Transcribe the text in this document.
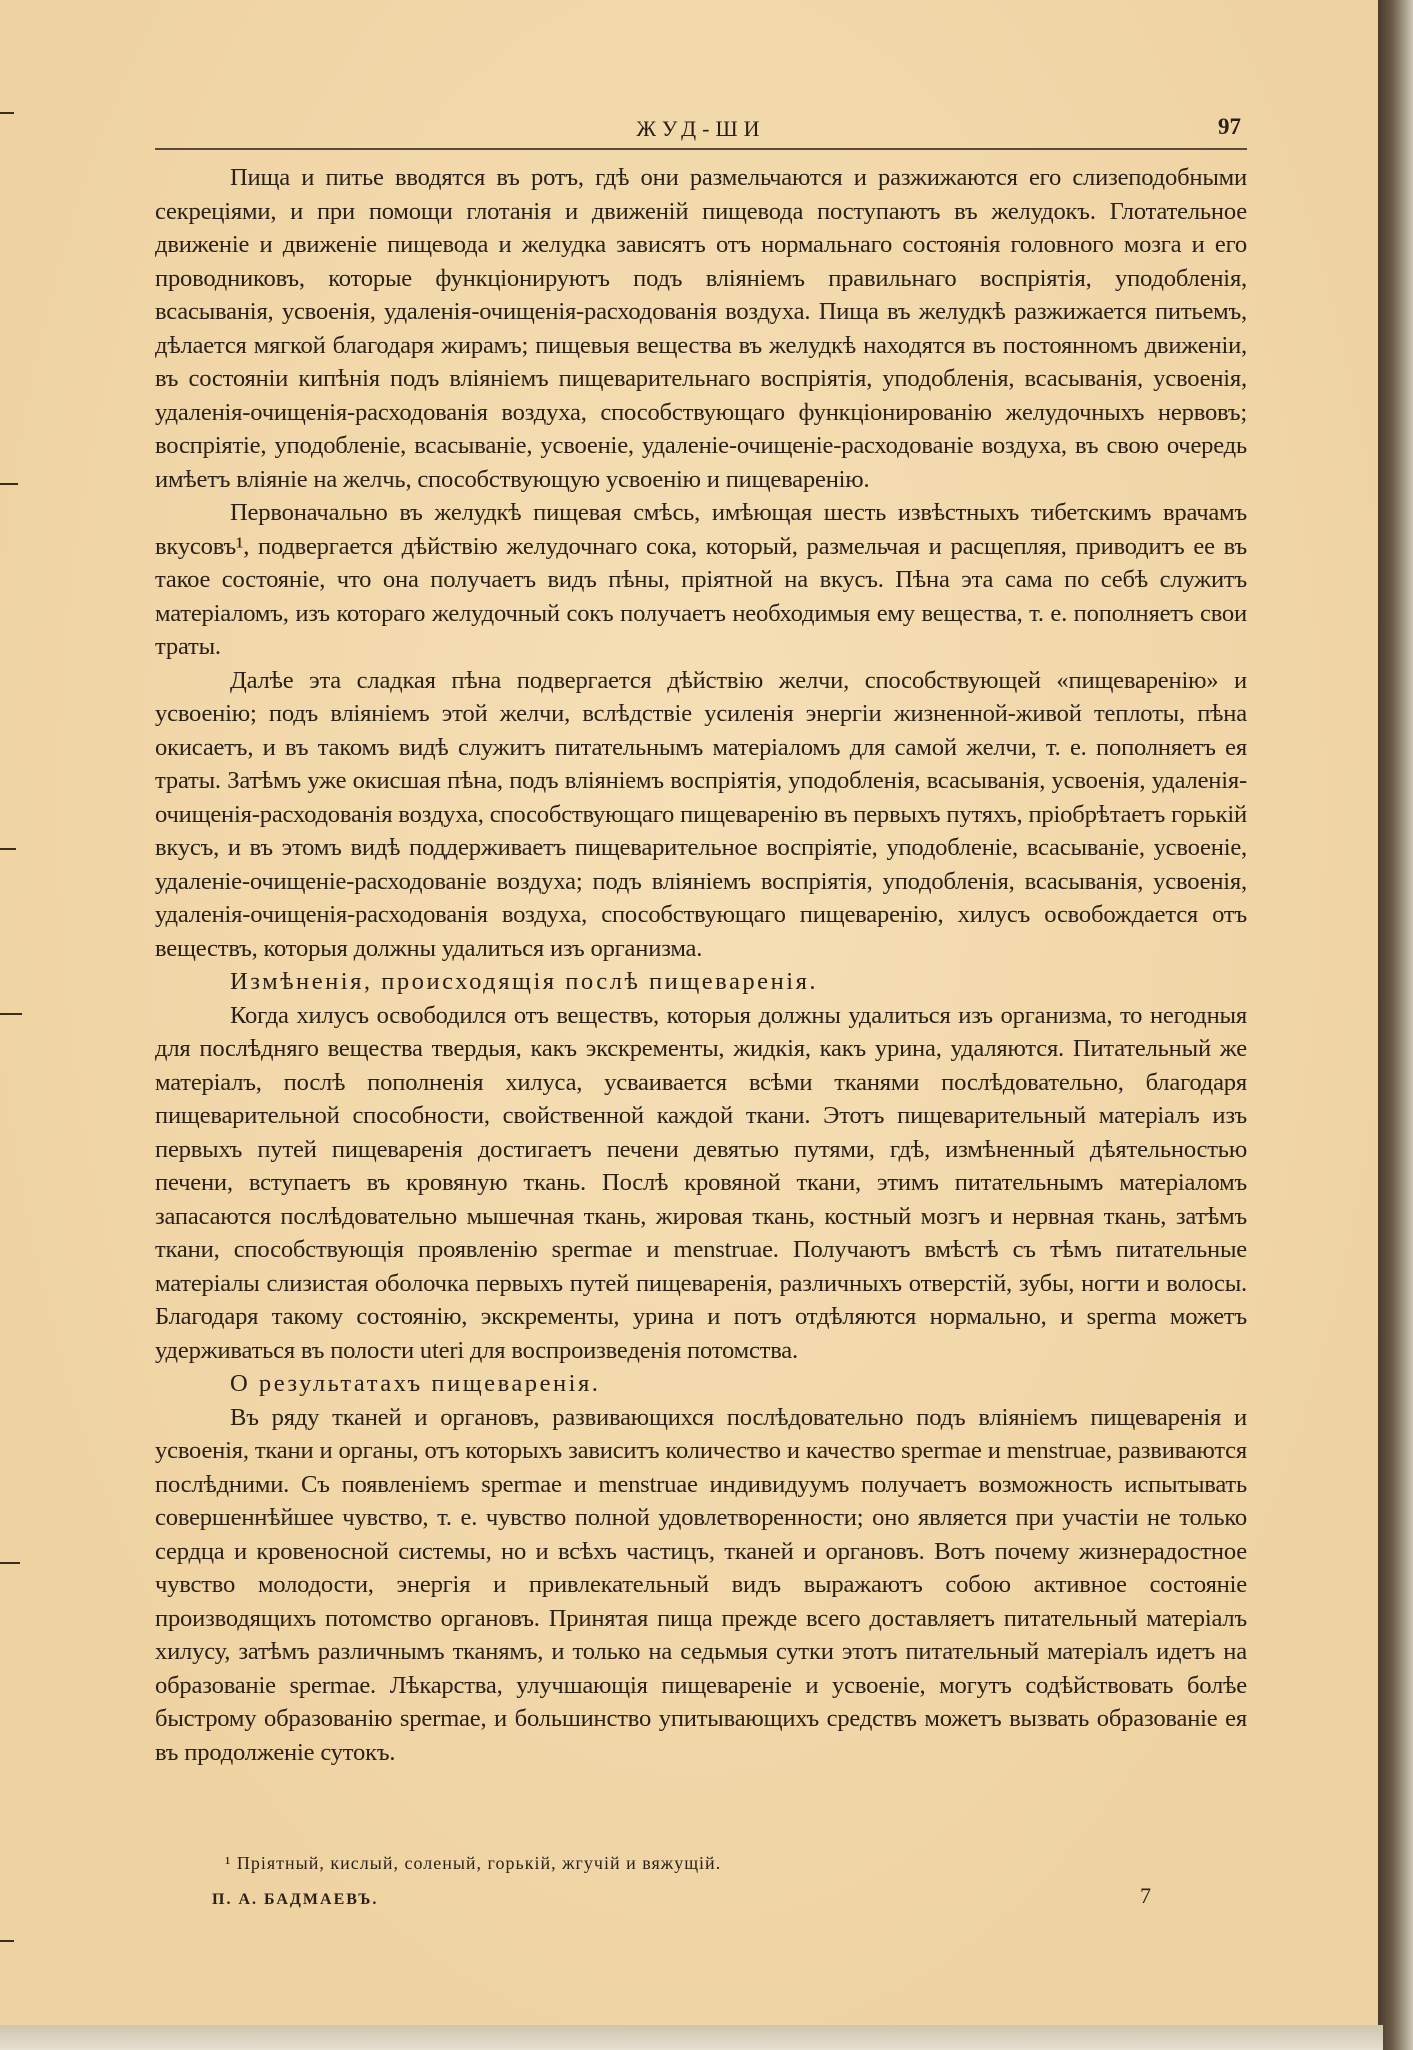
ЖУД-ШИ	97

Пища и питье вводятся въ ротъ, гдѣ они размельчаются и разжижаются его слизеподобными секреціями, и при помощи глотанія и движеній пищевода поступаютъ въ желудокъ. Глотательное движеніе и движеніе пищевода и желудка зависятъ отъ нормальнаго состоянія головного мозга и его проводниковъ, которые функціонируютъ подъ вліяніемъ правильнаго воспріятія, уподобленія, всасыванія, усвоенія, удаленія-очищенія-расходованія воздуха. Пища въ желудкѣ разжижается питьемъ, дѣлается мягкой благодаря жирамъ; пищевыя вещества въ желудкѣ находятся въ постоянномъ движеніи, въ состояніи кипѣнія подъ вліяніемъ пищеварительнаго воспріятія, уподобленія, всасыванія, усвоенія, удаленія-очищенія-расходованія воздуха, способствующаго функціонированію желудочныхъ нервовъ; воспріятіе, уподобленіе, всасываніе, усвоеніе, удаленіе-очищеніе-расходованіе воздуха, въ свою очередь имѣетъ вліяніе на желчь, способствующую усвоенію и пищеваренію.

Первоначально въ желудкѣ пищевая смѣсь, имѣющая шесть извѣстныхъ тибетскимъ врачамъ вкусовъ¹, подвергается дѣйствію желудочнаго сока, который, размельчая и расщепляя, приводитъ ее въ такое состояніе, что она получаетъ видъ пѣны, пріятной на вкусъ. Пѣна эта сама по себѣ служитъ матеріаломъ, изъ котораго желудочный сокъ получаетъ необходимыя ему вещества, т. е. пополняетъ свои траты.

Далѣе эта сладкая пѣна подвергается дѣйствію желчи, способствующей «пищеваренію» и усвоенію; подъ вліяніемъ этой желчи, вслѣдствіе усиленія энергіи жизненной-живой теплоты, пѣна окисаетъ, и въ такомъ видѣ служитъ питательнымъ матеріаломъ для самой желчи, т. е. пополняетъ ея траты. Затѣмъ уже окисшая пѣна, подъ вліяніемъ воспріятія, уподобленія, всасыванія, усвоенія, удаленія-очищенія-расходованія воздуха, способствующаго пищеваренію въ первыхъ путяхъ, пріобрѣтаетъ горькій вкусъ, и въ этомъ видѣ поддерживаетъ пищеварительное воспріятіе, уподобленіе, всасываніе, усвоеніе, удаленіе-очищеніе-расходованіе воздуха; подъ вліяніемъ воспріятія, уподобленія, всасыванія, усвоенія, удаленія-очищенія-расходованія воздуха, способствующаго пищеваренію, хилусъ освобождается отъ веществъ, которыя должны удалиться изъ организма.

Измѣненія, происходящія послѣ пищеваренія.

Когда хилусъ освободился отъ веществъ, которыя должны удалиться изъ организма, то негодныя для послѣдняго вещества твердыя, какъ экскременты, жидкія, какъ урина, удаляются. Питательный же матеріалъ, послѣ пополненія хилуса, усваивается всѣми тканями послѣдовательно, благодаря пищеварительной способности, свойственной каждой ткани. Этотъ пищеварительный матеріалъ изъ первыхъ путей пищеваренія достигаетъ печени девятью путями, гдѣ, измѣненный дѣятельностью печени, вступаетъ въ кровяную ткань. Послѣ кровяной ткани, этимъ питательнымъ матеріаломъ запасаются послѣдовательно мышечная ткань, жировая ткань, костный мозгъ и нервная ткань, затѣмъ ткани, способствующія проявленію spermae и menstruae. Получаютъ вмѣстѣ съ тѣмъ питательные матеріалы слизистая оболочка первыхъ путей пищеваренія, различныхъ отверстій, зубы, ногти и волосы. Благодаря такому состоянію, экскременты, урина и потъ отдѣляются нормально, и sperma можетъ удерживаться въ полости uteri для воспроизведенія потомства.

О результатахъ пищеваренія.

Въ ряду тканей и органовъ, развивающихся послѣдовательно подъ вліяніемъ пищеваренія и усвоенія, ткани и органы, отъ которыхъ зависитъ количество и качество spermae и menstruae, развиваются послѣдними. Съ появленіемъ spermae и menstruae индивидуумъ получаетъ возможность испытывать совершеннѣйшее чувство, т. е. чувство полной удовлетворенности; оно является при участіи не только сердца и кровеносной системы, но и всѣхъ частицъ, тканей и органовъ. Вотъ почему жизнерадостное чувство молодости, энергія и привлекательный видъ выражаютъ собою активное состояніе производящихъ потомство органовъ. Принятая пища прежде всего доставляетъ питательный матеріалъ хилусу, затѣмъ различнымъ тканямъ, и только на седьмыя сутки этотъ питательный матеріалъ идетъ на образованіе spermae. Лѣкарства, улучшающія пищевареніе и усвоеніе, могутъ содѣйствовать болѣе быстрому образованію spermae, и большинство упитывающихъ средствъ можетъ вызвать образованіе ея въ продолженіе сутокъ.

¹ Пріятный, кислый, соленый, горькій, жгучій и вяжущій.
П. А. БАДМАЕВЪ.	7
